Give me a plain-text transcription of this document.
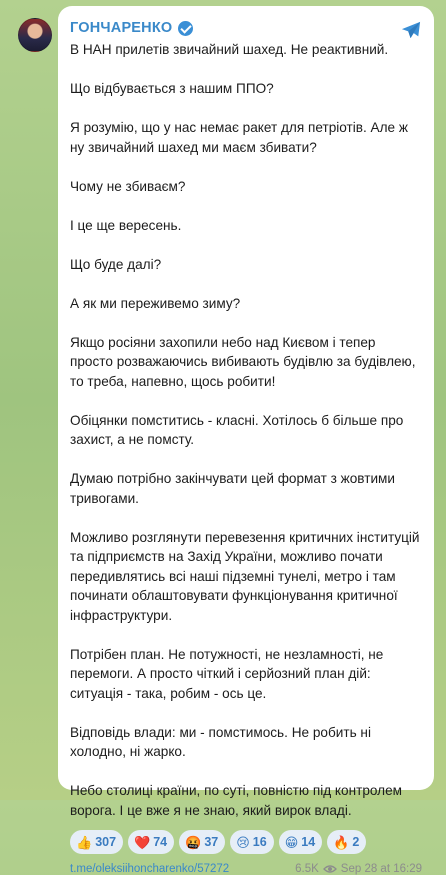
ГОНЧАРЕНКО

В НАН прилетів звичайний шахед. Не реактивний.

Що відбувається з нашим ППО?

Я розумію, що у нас немає ракет для петріотів. Але ж ну звичайний шахед ми маєм збивати?

Чому не збиваєм?

І це ще вересень.

Що буде далі?

А як ми переживемо зиму?

Якщо росіяни захопили небо над Києвом і тепер просто розважаючись вибивають будівлю за будівлею, то треба, напевно, щось робити!

Обіцянки помститись - класні. Хотілось б більше про захист, а не помсту.

Думаю потрібно закінчувати цей формат з жовтими тривогами.

Можливо розглянути перевезення критичних інституцій та підприємств на Захід України, можливо почати передивлятись всі наші підземні тунелі, метро і там починати облаштовувати функціонування критичної інфраструктури.

Потрібен план. Не потужності, не незламності, не перемоги. А просто чіткий і серйозний план дій: ситуація - така, робим - ось це.

Відповідь влади: ми - помстимось. Не робить ні холодно, ні жарко.

Небо столиці країни, по суті, повністю під контролем ворога. І це вже я не знаю, який вирок владі.

👍 307 ❤️ 74 🤬 37 😢 16 😁 14 🔥 2
t.me/oleksiihoncharenko/57272	6.5K Sep 28 at 16:29
